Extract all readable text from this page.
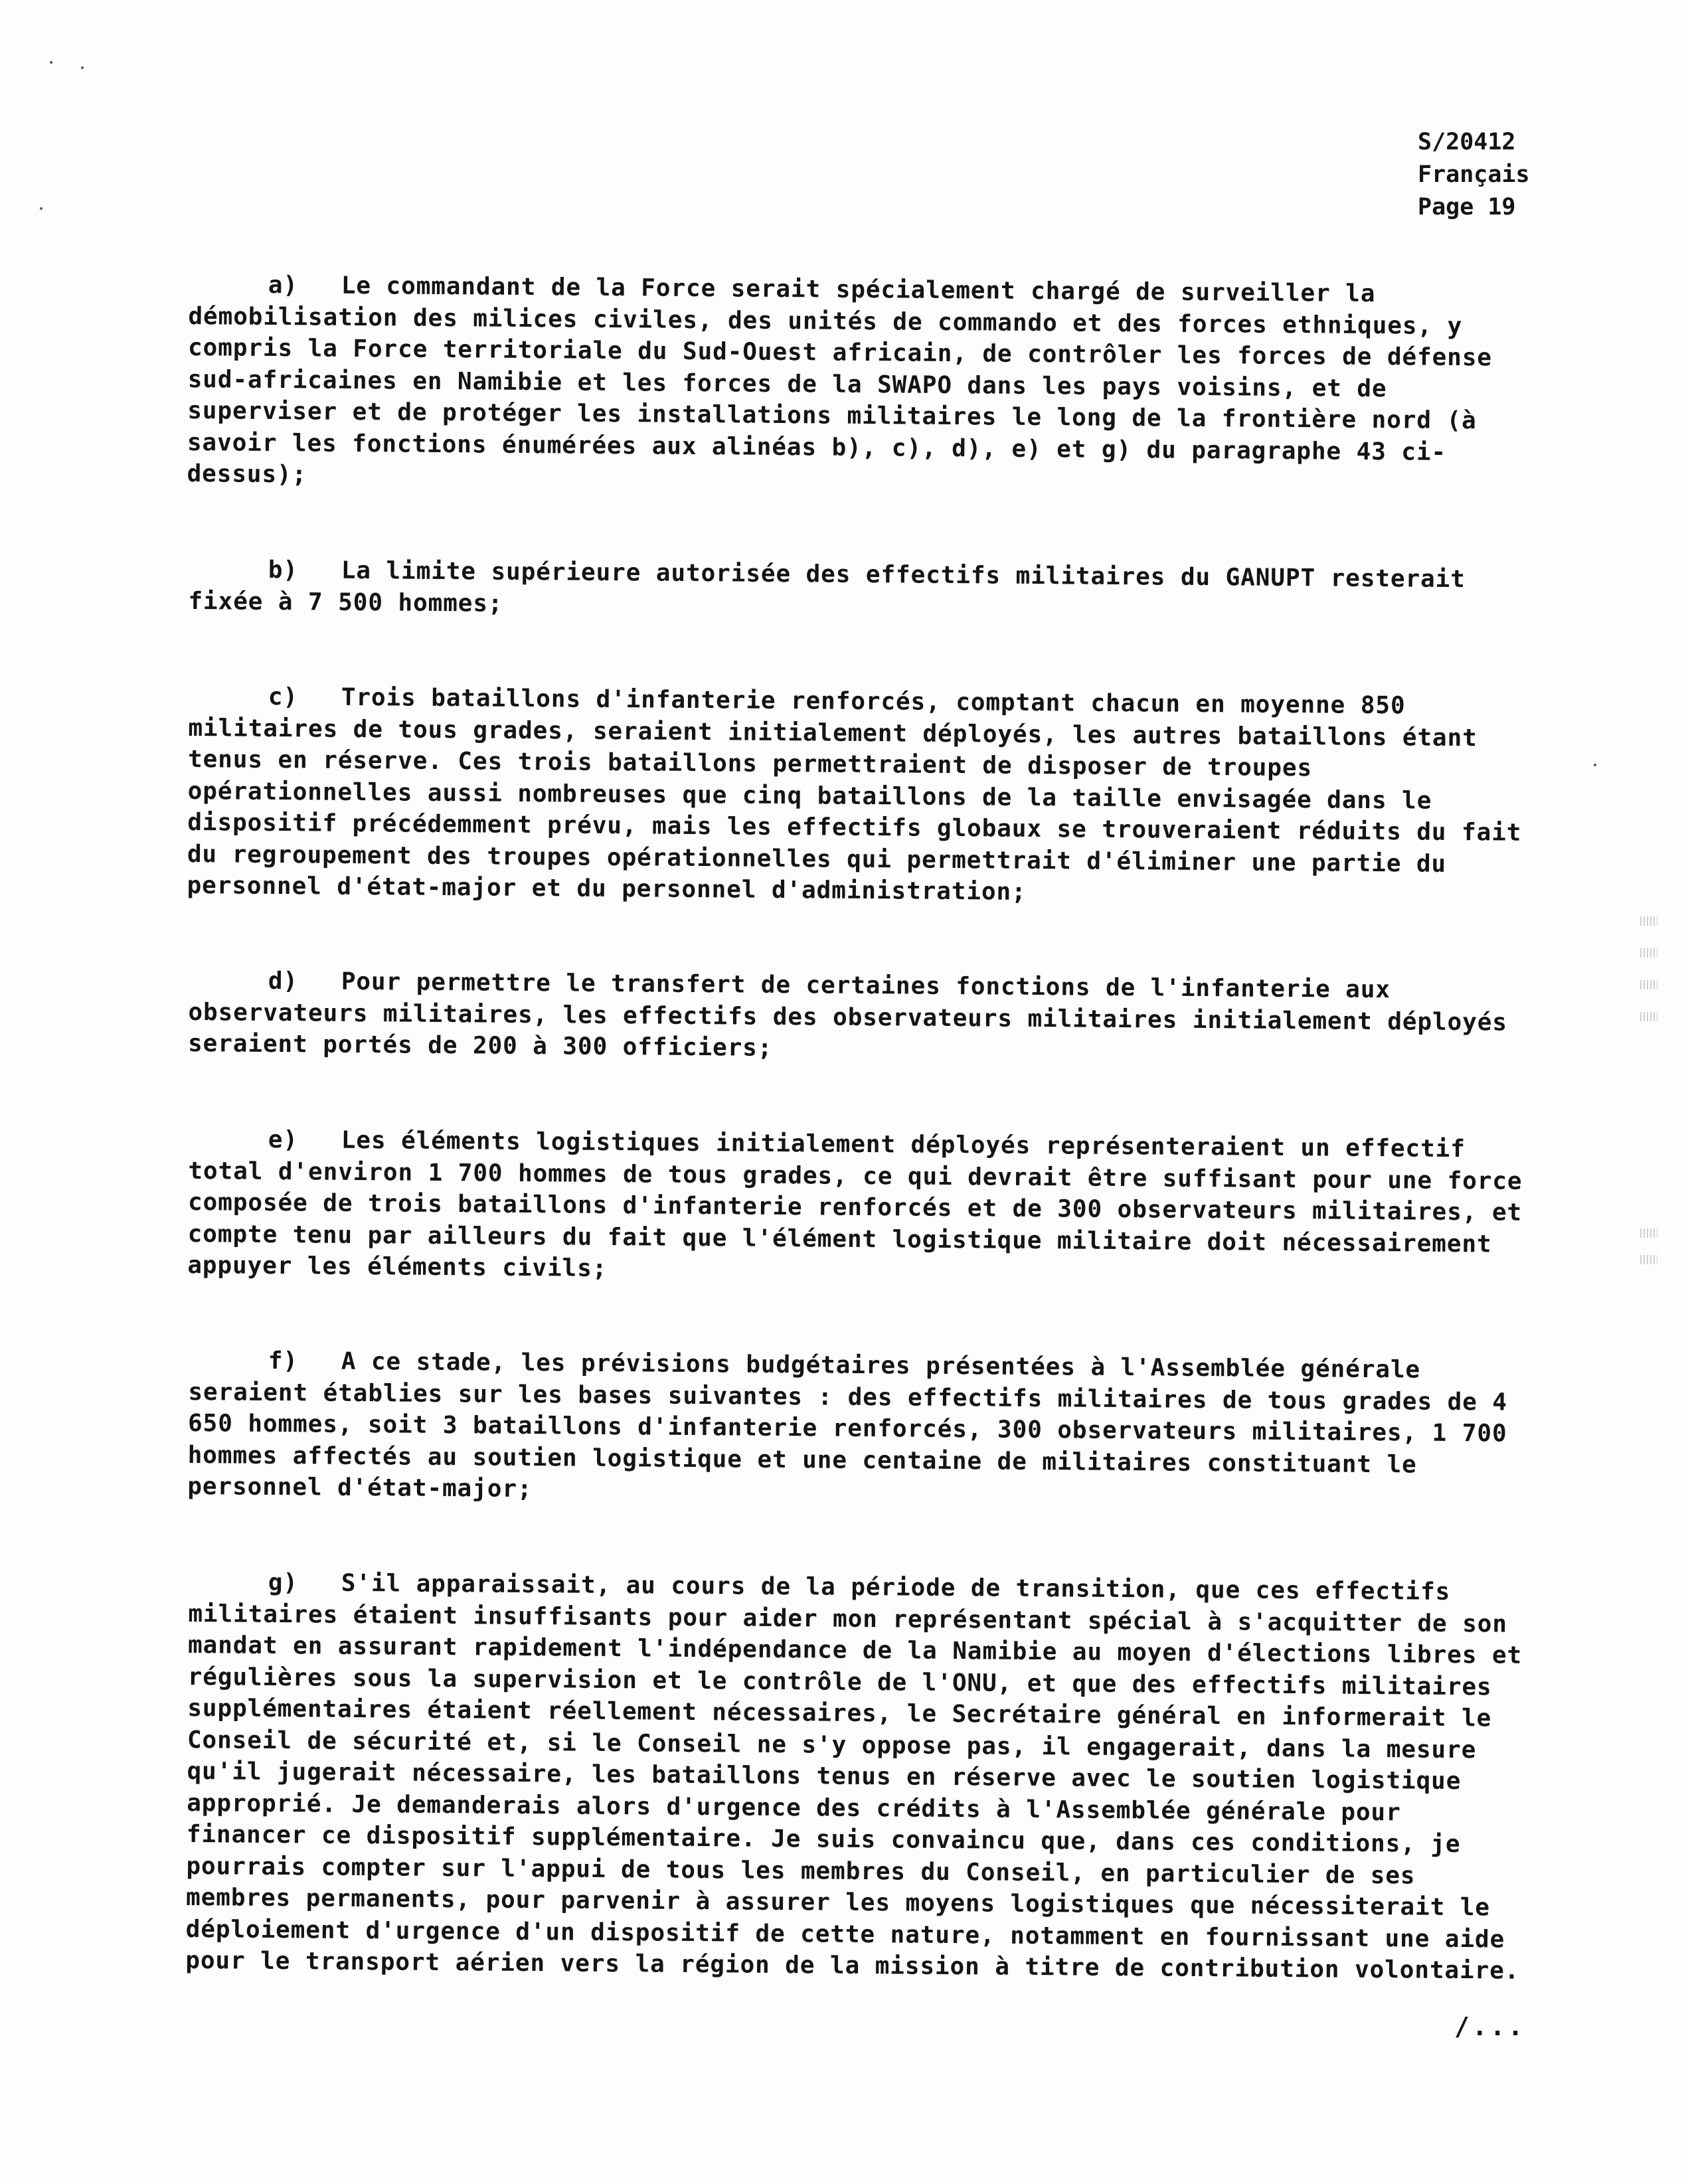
S/20412
Français
Page 19

a) Le commandant de la Force serait spécialement chargé de surveiller la démobilisation des milices civiles, des unités de commando et des forces ethniques, y compris la Force territoriale du Sud-Ouest africain, de contrôler les forces de défense sud-africaines en Namibie et les forces de la SWAPO dans les pays voisins, et de superviser et de protéger les installations militaires le long de la frontière nord (à savoir les fonctions énumérées aux alinéas b), c), d), e) et g) du paragraphe 43 ci-dessus);

b) La limite supérieure autorisée des effectifs militaires du GANUPT resterait fixée à 7 500 hommes;

c) Trois bataillons d'infanterie renforcés, comptant chacun en moyenne 850 militaires de tous grades, seraient initialement déployés, les autres bataillons étant tenus en réserve. Ces trois bataillons permettraient de disposer de troupes opérationnelles aussi nombreuses que cinq bataillons de la taille envisagée dans le dispositif précédemment prévu, mais les effectifs globaux se trouveraient réduits du fait du regroupement des troupes opérationnelles qui permettrait d'éliminer une partie du personnel d'état-major et du personnel d'administration;

d) Pour permettre le transfert de certaines fonctions de l'infanterie aux observateurs militaires, les effectifs des observateurs militaires initialement déployés seraient portés de 200 à 300 officiers;

e) Les éléments logistiques initialement déployés représenteraient un effectif total d'environ 1 700 hommes de tous grades, ce qui devrait être suffisant pour une force composée de trois bataillons d'infanterie renforcés et de 300 observateurs militaires, et compte tenu par ailleurs du fait que l'élément logistique militaire doit nécessairement appuyer les éléments civils;

f) A ce stade, les prévisions budgétaires présentées à l'Assemblée générale seraient établies sur les bases suivantes : des effectifs militaires de tous grades de 4 650 hommes, soit 3 bataillons d'infanterie renforcés, 300 observateurs militaires, 1 700 hommes affectés au soutien logistique et une centaine de militaires constituant le personnel d'état-major;

g) S'il apparaissait, au cours de la période de transition, que ces effectifs militaires étaient insuffisants pour aider mon représentant spécial à s'acquitter de son mandat en assurant rapidement l'indépendance de la Namibie au moyen d'élections libres et régulières sous la supervision et le contrôle de l'ONU, et que des effectifs militaires supplémentaires étaient réellement nécessaires, le Secrétaire général en informerait le Conseil de sécurité et, si le Conseil ne s'y oppose pas, il engagerait, dans la mesure qu'il jugerait nécessaire, les bataillons tenus en réserve avec le soutien logistique approprié. Je demanderais alors d'urgence des crédits à l'Assemblée générale pour financer ce dispositif supplémentaire. Je suis convaincu que, dans ces conditions, je pourrais compter sur l'appui de tous les membres du Conseil, en particulier de ses membres permanents, pour parvenir à assurer les moyens logistiques que nécessiterait le déploiement d'urgence d'un dispositif de cette nature, notamment en fournissant une aide pour le transport aérien vers la région de la mission à titre de contribution volontaire.

/...
